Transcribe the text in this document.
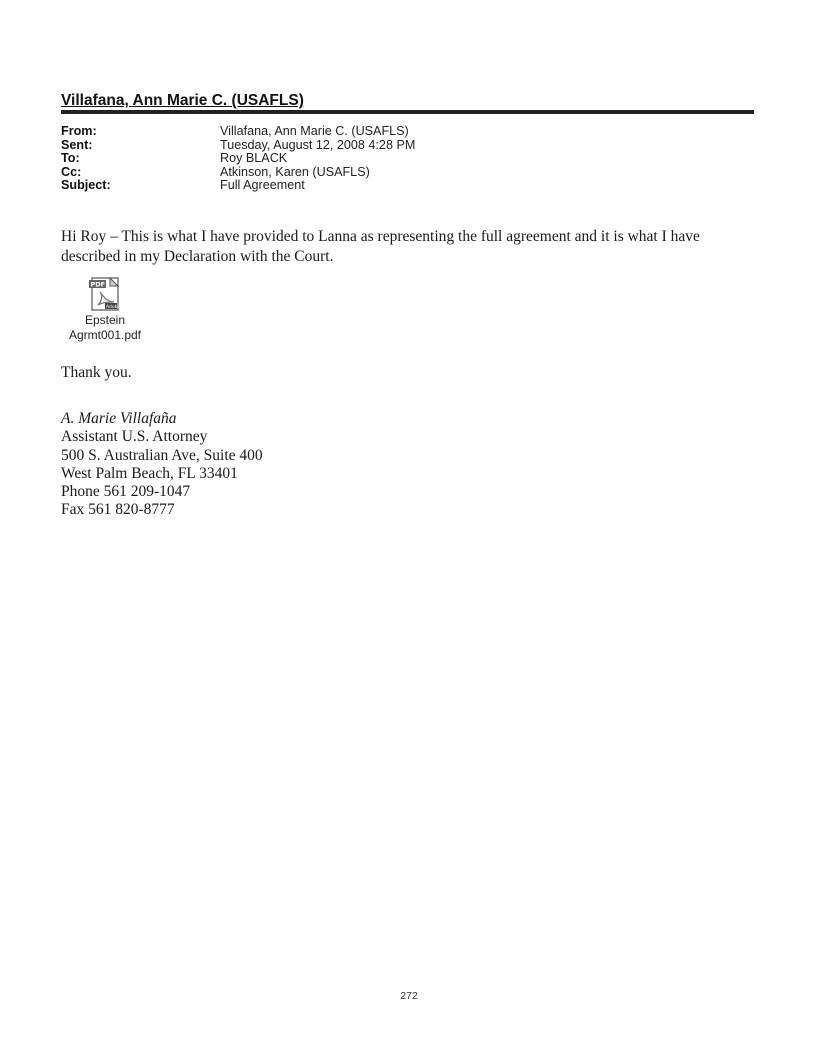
Villafana, Ann Marie C. (USAFLS)
From:	Villafana, Ann Marie C. (USAFLS)
Sent:	Tuesday, August 12, 2008 4:28 PM
To:	Roy BLACK
Cc:	Atkinson, Karen (USAFLS)
Subject:	Full Agreement
Hi Roy – This is what I have provided to Lanna as representing the full agreement and it is what I have described in my Declaration with the Court.
PDF
Adobe
Epstein
Agrmt001.pdf
Thank you.
A. Marie Villafaña
Assistant U.S. Attorney
500 S. Australian Ave, Suite 400
West Palm Beach, FL 33401
Phone 561 209-1047
Fax 561 820-8777
272
